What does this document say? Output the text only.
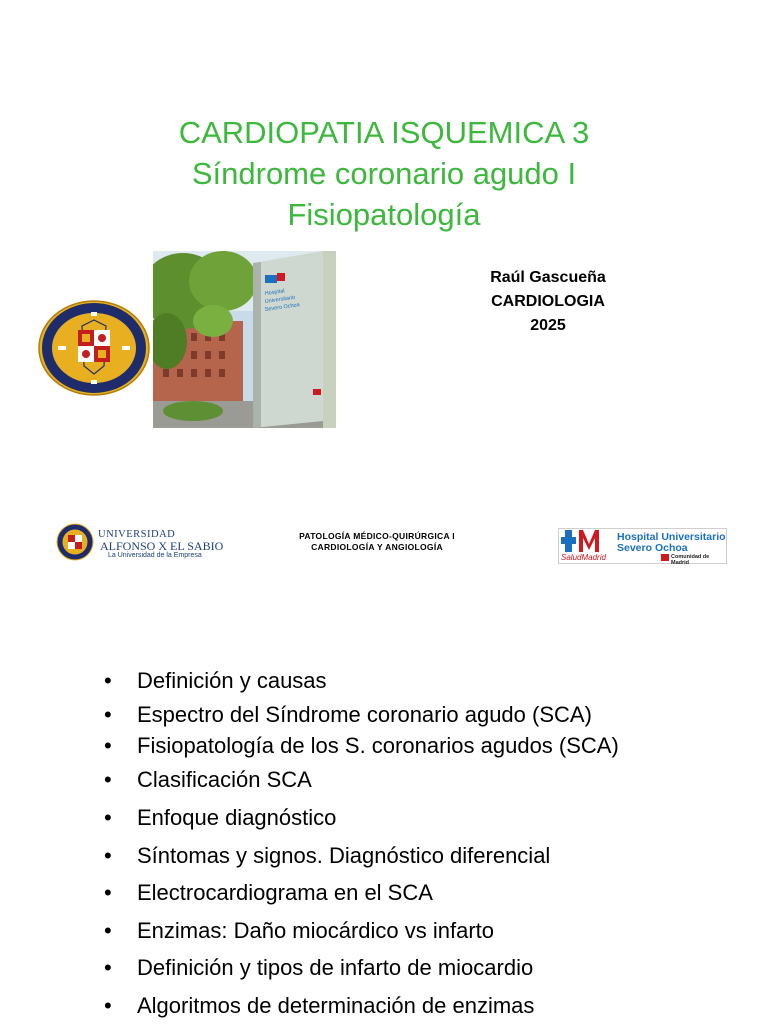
CARDIOPATIA ISQUEMICA 3
Síndrome coronario agudo I
Fisiopatología
Hospital
Universitario
Severo Ochoa
Raúl Gascueña
CARDIOLOGIA
2025
UNIVERSIDAD
ALFONSO X EL SABIO
La Universidad de la Empresa
PATOLOGÍA MÉDICO-QUIRÚRGICA I
CARDIOLOGÍA Y ANGIOLOGÍA
Hospital Universitario
Severo Ochoa
SaludMadrid	Comunidad de Madrid
• Definición y causas
• Espectro del Síndrome coronario agudo (SCA)
• Fisiopatología de los S. coronarios agudos (SCA)
• Clasificación SCA
• Enfoque diagnóstico
• Síntomas y signos. Diagnóstico diferencial
• Electrocardiograma en el SCA
• Enzimas: Daño miocárdico vs infarto
• Definición y tipos de infarto de miocardio
• Algoritmos de determinación de enzimas
